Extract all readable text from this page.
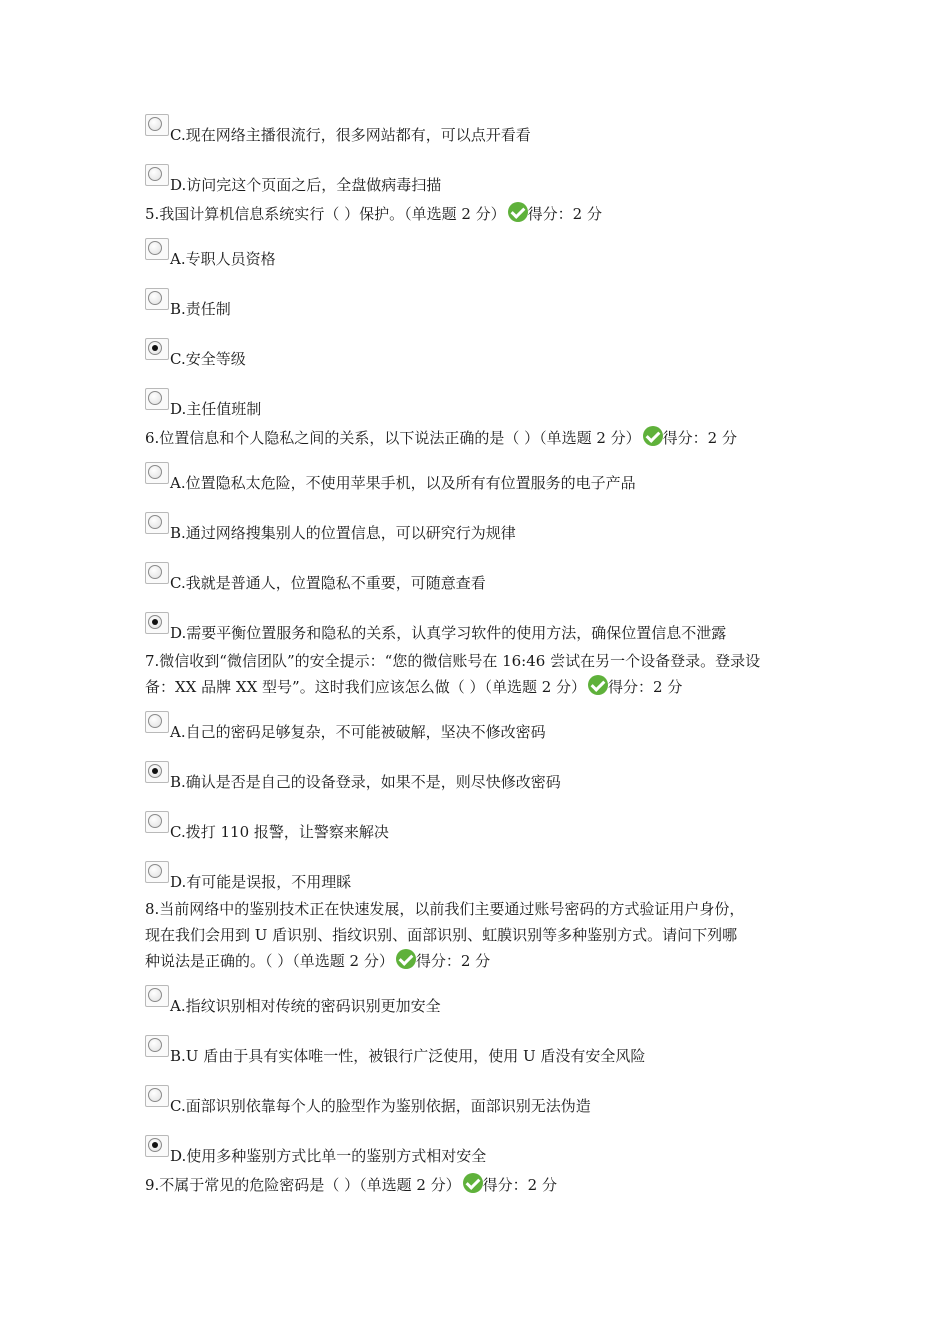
C.现在网络主播很流行，很多网站都有，可以点开看看
D.访问完这个页面之后，全盘做病毒扫描
5.我国计算机信息系统实行（ ）保护。（单选题 2 分） 得分：2 分
A.专职人员资格
B.责任制
C.安全等级
D.主任值班制
6.位置信息和个人隐私之间的关系，以下说法正确的是（ ）（单选题 2 分） 得分：2 分
A.位置隐私太危险，不使用苹果手机，以及所有有位置服务的电子产品
B.通过网络搜集别人的位置信息，可以研究行为规律
C.我就是普通人，位置隐私不重要，可随意查看
D.需要平衡位置服务和隐私的关系，认真学习软件的使用方法，确保位置信息不泄露
7.微信收到“微信团队”的安全提示：“您的微信账号在 16:46 尝试在另一个设备登录。登录设
备：XX 品牌 XX 型号”。这时我们应该怎么做（ ）（单选题 2 分） 得分：2 分
A.自己的密码足够复杂，不可能被破解，坚决不修改密码
B.确认是否是自己的设备登录，如果不是，则尽快修改密码
C.拨打 110 报警，让警察来解决
D.有可能是误报，不用理睬
8.当前网络中的鉴别技术正在快速发展，以前我们主要通过账号密码的方式验证用户身份，
现在我们会用到 U 盾识别、指纹识别、面部识别、虹膜识别等多种鉴别方式。请问下列哪
种说法是正确的。（ ）（单选题 2 分） 得分：2 分
A.指纹识别相对传统的密码识别更加安全
B.U 盾由于具有实体唯一性，被银行广泛使用，使用 U 盾没有安全风险
C.面部识别依靠每个人的脸型作为鉴别依据，面部识别无法伪造
D.使用多种鉴别方式比单一的鉴别方式相对安全
9.不属于常见的危险密码是（ ）（单选题 2 分） 得分：2 分
